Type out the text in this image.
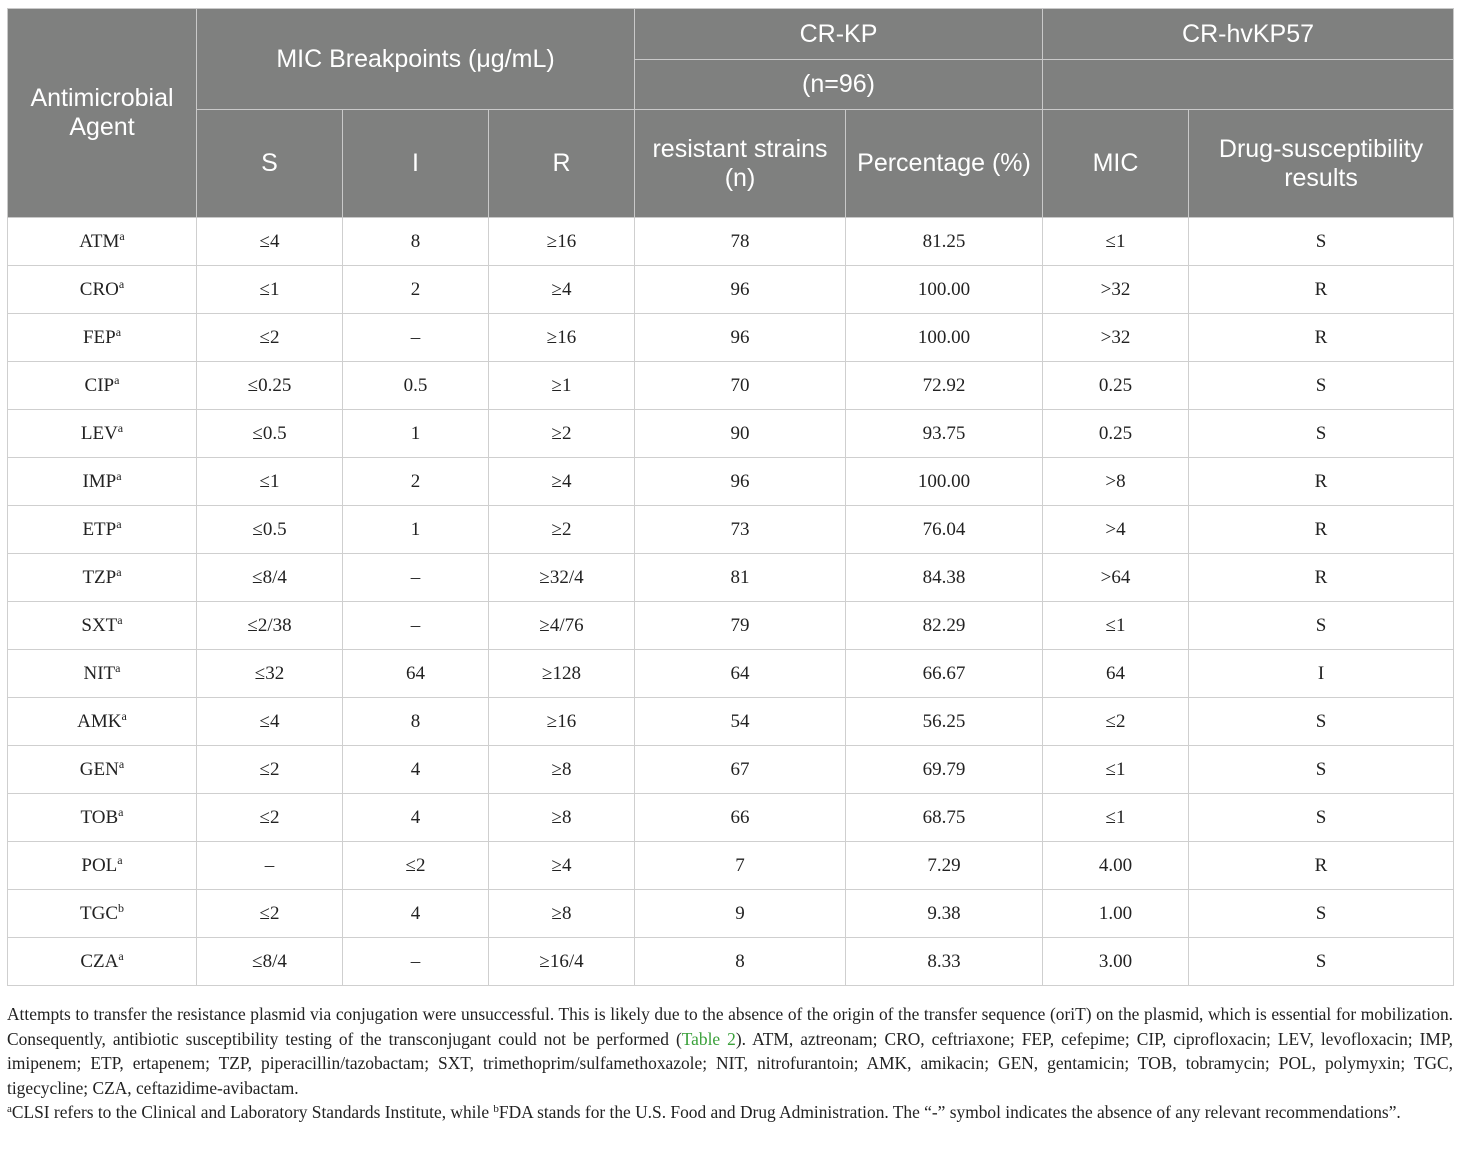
Antimicrobial Agent	MIC Breakpoints (μg/mL)			CR-KP		CR-hvKP57	
				(n=96)			
	S	I	R	resistant strains (n)	Percentage (%)	MIC	Drug-susceptibility results
$ATM^a$	≤4	8	≥16	78	81.25	≤1	S
$CRO^a$	≤1	2	≥4	96	100.00	>32	R
$FEP^a$	≤2	–	≥16	96	100.00	>32	R
$CIP^a$	≤0.25	0.5	≥1	70	72.92	0.25	S
$LEV^a$	≤0.5	1	≥2	90	93.75	0.25	S
$IMP^a$	≤1	2	≥4	96	100.00	>8	R
$ETP^a$	≤0.5	1	≥2	73	76.04	>4	R
$TZP^a$	≤8/4	–	≥32/4	81	84.38	>64	R
$SXT^a$	≤2/38	–	≥4/76	79	82.29	≤1	S
$NIT^a$	≤32	64	≥128	64	66.67	64	I
$AMK^a$	≤4	8	≥16	54	56.25	≤2	S
$GEN^a$	≤2	4	≥8	67	69.79	≤1	S
$TOB^a$	≤2	4	≥8	66	68.75	≤1	S
POL$^a$	–	≤2	≥4	7	7.29	4.00	R
$TGC^b$	≤2	4	≥8	9	9.38	1.00	S
$CZA^a$	≤8/4	–	≥16/4	8	8.33	3.00	S

Attempts to transfer the resistance plasmid via conjugation were unsuccessful. This is likely due to the absence of the origin of the transfer sequence (oriT) on the plasmid, which is essential for mobilization. Consequently, antibiotic susceptibility testing of the transconjugant could not be performed (Table 2). ATM, aztreonam; CRO, ceftriaxone; FEP, cefepime; CIP, ciprofloxacin; LEV, levofloxacin; IMP, imipenem; ETP, ertapenem; TZP, piperacillin/tazobactam; SXT, trimethoprim/sulfamethoxazole; NIT, nitrofurantoin; AMK, amikacin; GEN, gentamicin; TOB, tobramycin; POL, polymyxin; TGC, tigecycline; CZA, ceftazidime-avibactam.

$^a$CLSI refers to the Clinical and Laboratory Standards Institute, while $^b$FDA stands for the U.S. Food and Drug Administration. The “-” symbol indicates the absence of any relevant recommendations”.
